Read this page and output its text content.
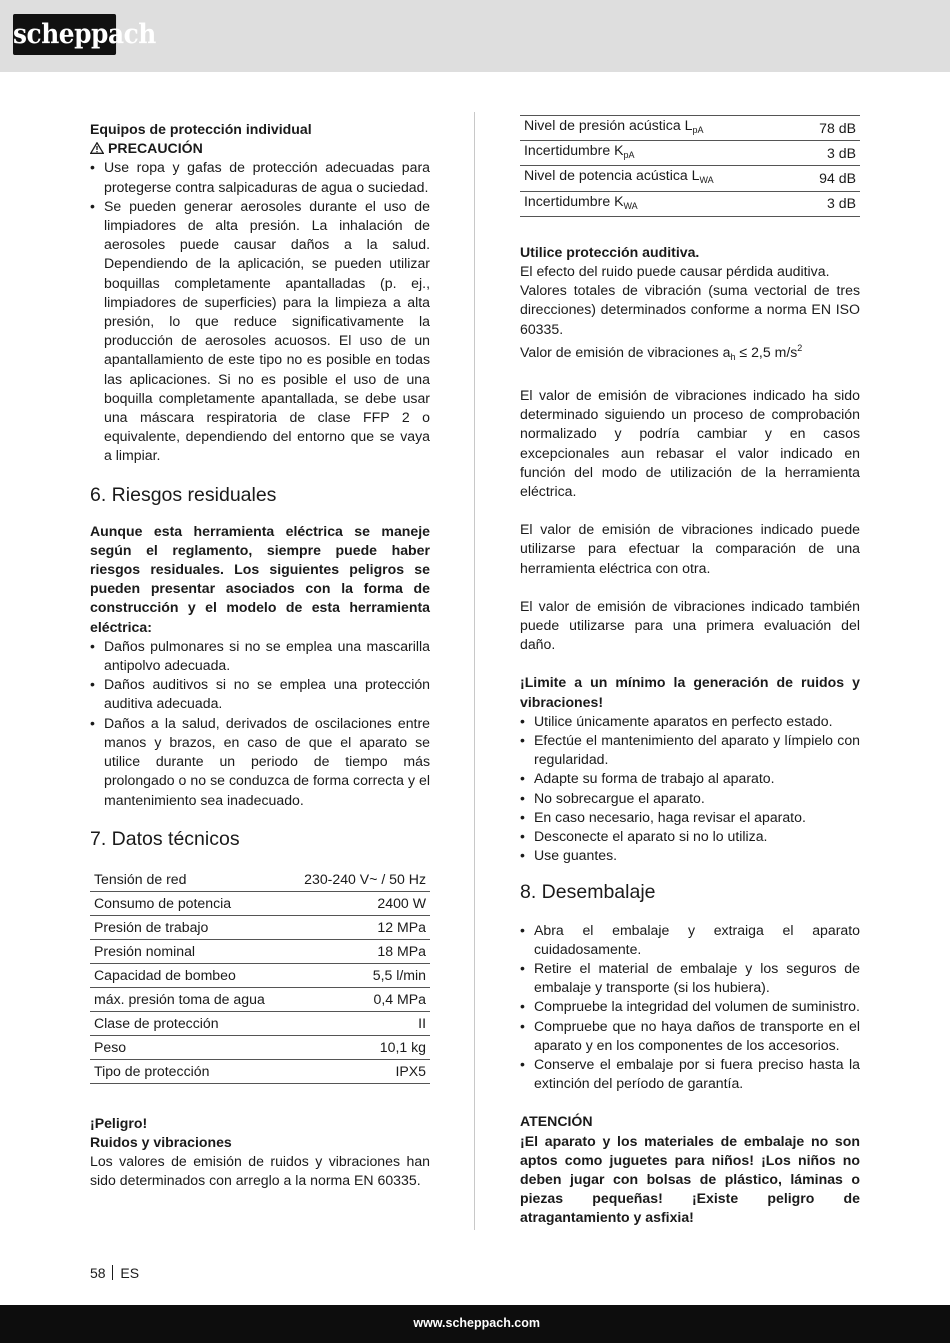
scheppach

Equipos de protección individual

PRECAUCIÓN

• Use ropa y gafas de protección adecuadas para protegerse contra salpicaduras de agua o suciedad.
• Se pueden generar aerosoles durante el uso de limpiadores de alta presión. La inhalación de aerosoles puede causar daños a la salud. Dependiendo de la aplicación, se pueden utilizar boquillas completamente apantalladas (p. ej., limpiadores de superficies) para la limpieza a alta presión, lo que reduce significativamente la producción de aerosoles acuosos. El uso de un apantallamiento de este tipo no es posible en todas las aplicaciones. Si no es posible el uso de una boquilla completamente apantallada, se debe usar una máscara respiratoria de clase FFP 2 o equivalente, dependiendo del entorno que se vaya a limpiar.
6. Riesgos residuales

Aunque esta herramienta eléctrica se maneje según el reglamento, siempre puede haber riesgos residuales. Los siguientes peligros se pueden presentar asociados con la forma de construcción y el modelo de esta herramienta eléctrica:

• Daños pulmonares si no se emplea una mascarilla antipolvo adecuada.
• Daños auditivos si no se emplea una protección auditiva adecuada.
• Daños a la salud, derivados de oscilaciones entre manos y brazos, en caso de que el aparato se utilice durante un periodo de tiempo más prolongado o no se conduzca de forma correcta y el mantenimiento sea inadecuado.
7. Datos técnicos
Tensión de red	230-240 V~ / 50 Hz
Consumo de potencia	2400 W
Presión de trabajo	12 MPa
Presión nominal	18 MPa
Capacidad de bombeo	5,5 l/min
máx. presión toma de agua	0,4 MPa
Clase de protección	II
Peso	10,1 kg
Tipo de protección	IPX5

¡Peligro!

Ruidos y vibraciones

Los valores de emisión de ruidos y vibraciones han sido determinados con arreglo a la norma EN 60335.

Nivel de presión acústica $L_{pA}$	78 dB
Incertidumbre $K_{pA}$	3 dB
Nivel de potencia acústica $L_{WA}$	94 dB
Incertidumbre $K_{WA}$	3 dB

Utilice protección auditiva.

El efecto del ruido puede causar pérdida auditiva.

Valores totales de vibración (suma vectorial de tres direcciones) determinados conforme a norma EN ISO 60335.

Valor de emisión de vibraciones $a_h \le 2,5$ $m/s^2$

El valor de emisión de vibraciones indicado ha sido determinado siguiendo un proceso de comprobación normalizado y podría cambiar y en casos excepcionales aun rebasar el valor indicado en función del modo de utilización de la herramienta eléctrica.

El valor de emisión de vibraciones indicado puede utilizarse para efectuar la comparación de una herramienta eléctrica con otra.

El valor de emisión de vibraciones indicado también puede utilizarse para una primera evaluación del daño.

¡Limite a un mínimo la generación de ruidos y vibraciones!

• Utilice únicamente aparatos en perfecto estado.
• Efectúe el mantenimiento del aparato y límpielo con regularidad.
• Adapte su forma de trabajo al aparato.
• No sobrecargue el aparato.
• En caso necesario, haga revisar el aparato.
• Desconecte el aparato si no lo utiliza.
• Use guantes.
8. Desembalaje
• Abra el embalaje y extraiga el aparato cuidadosamente.
• Retire el material de embalaje y los seguros de embalaje y transporte (si los hubiera).
• Compruebe la integridad del volumen de suministro.
• Compruebe que no haya daños de transporte en el aparato y en los componentes de los accesorios.
• Conserve el embalaje por si fuera preciso hasta la extinción del período de garantía.

ATENCIÓN

¡El aparato y los materiales de embalaje no son aptos como juguetes para niños! ¡Los niños no deben jugar con bolsas de plástico, láminas o piezas pequeñas! ¡Existe peligro de atragantamiento y asfixia!

58 ES
www.scheppach.com
